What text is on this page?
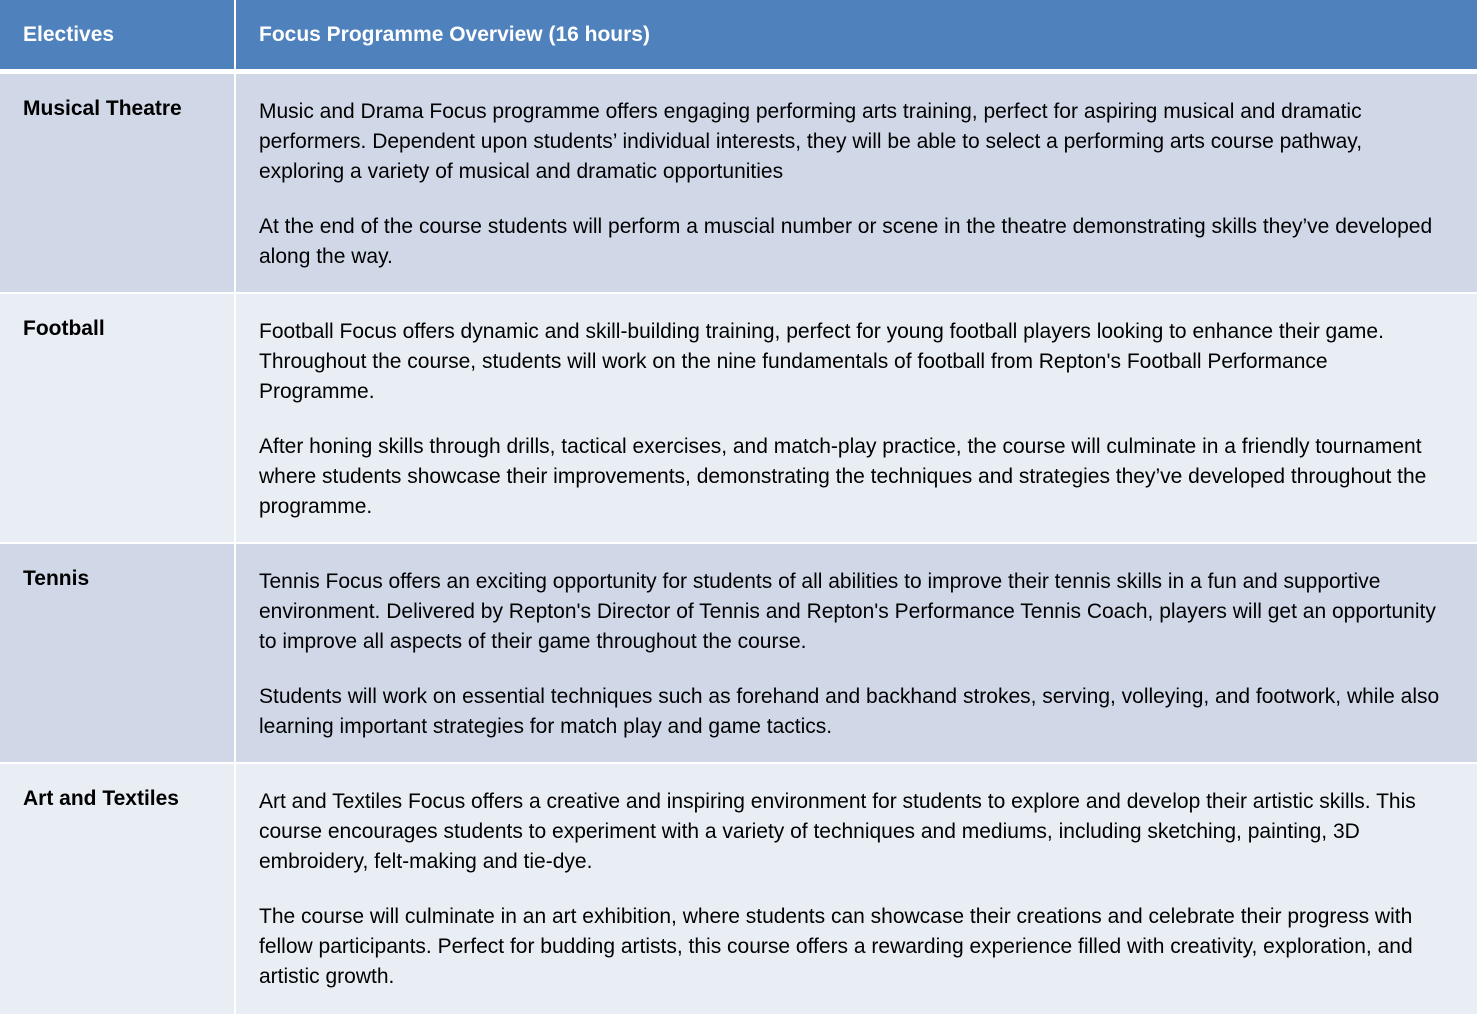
Electives	Focus Programme Overview (16 hours)
Musical Theatre	Music and Drama Focus programme offers engaging performing arts training, perfect for aspiring musical and dramatic performers. Dependent upon students’ individual interests, they will be able to select a performing arts course pathway, exploring a variety of musical and dramatic opportunities

At the end of the course students will perform a muscial number or scene in the theatre demonstrating skills they’ve developed along the way.

Football	Football Focus offers dynamic and skill-building training, perfect for young football players looking to enhance their game. Throughout the course, students will work on the nine fundamentals of football from Repton's Football Performance Programme.

After honing skills through drills, tactical exercises, and match-play practice, the course will culminate in a friendly tournament where students showcase their improvements, demonstrating the techniques and strategies they’ve developed throughout the programme.

Tennis	Tennis Focus offers an exciting opportunity for students of all abilities to improve their tennis skills in a fun and supportive environment. Delivered by Repton's Director of Tennis and Repton's Performance Tennis Coach, players will get an opportunity to improve all aspects of their game throughout the course.

Students will work on essential techniques such as forehand and backhand strokes, serving, volleying, and footwork, while also learning important strategies for match play and game tactics.

Art and Textiles	Art and Textiles Focus offers a creative and inspiring environment for students to explore and develop their artistic skills. This course encourages students to experiment with a variety of techniques and mediums, including sketching, painting, 3D embroidery, felt-making and tie-dye.

The course will culminate in an art exhibition, where students can showcase their creations and celebrate their progress with fellow participants. Perfect for budding artists, this course offers a rewarding experience filled with creativity, exploration, and artistic growth.
